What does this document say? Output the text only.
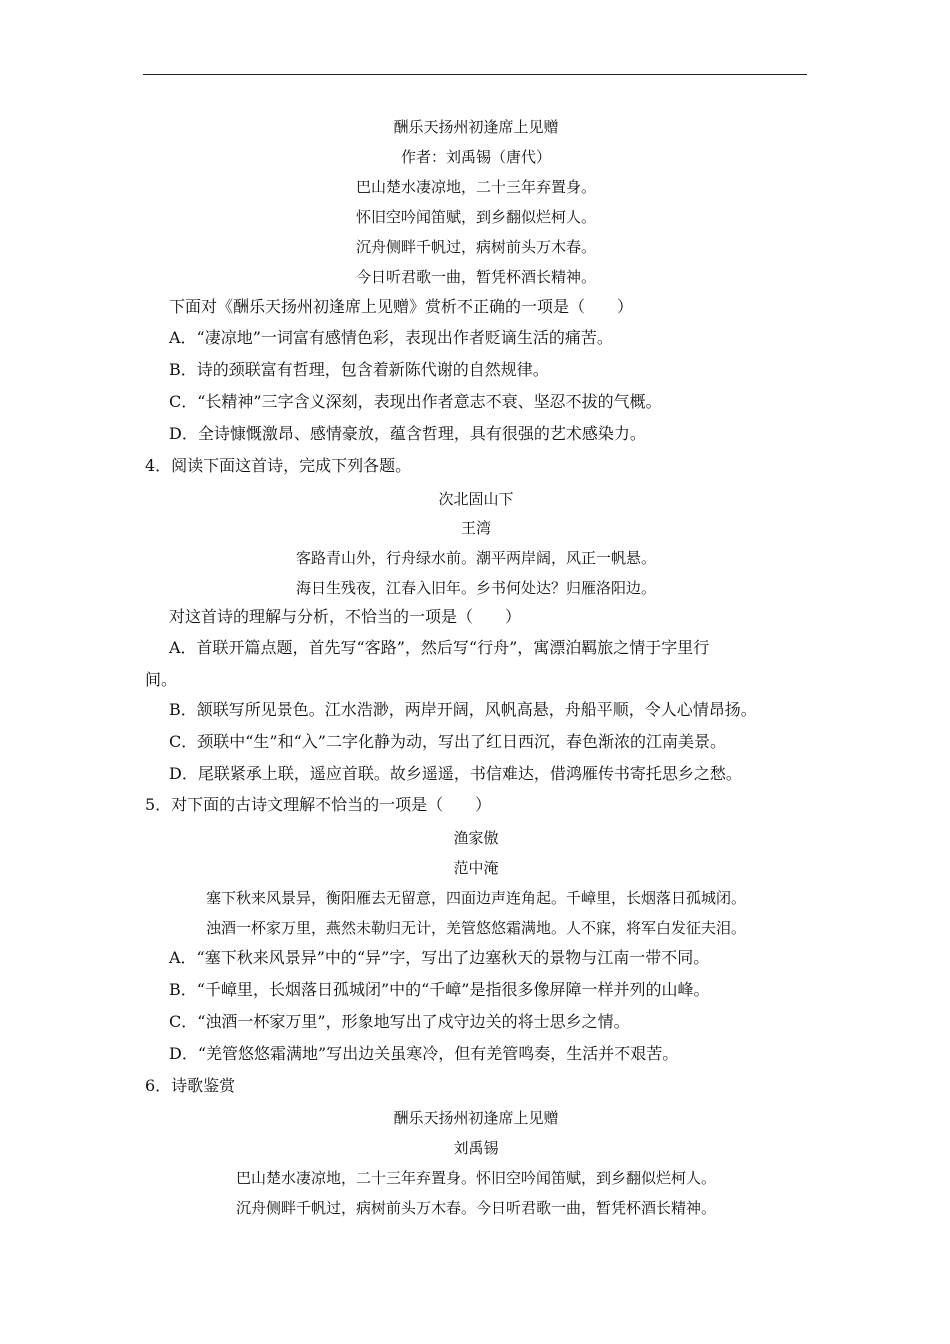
酬乐天扬州初逢席上见赠
作者：刘禹锡（唐代）
巴山楚水凄凉地，二十三年弃置身。
怀旧空吟闻笛赋，到乡翻似烂柯人。
沉舟侧畔千帆过，病树前头万木春。
今日听君歌一曲，暂凭杯酒长精神。
下面对《酬乐天扬州初逢席上见赠》赏析不正确的一项是（　　）
A．“凄凉地”一词富有感情色彩，表现出作者贬谪生活的痛苦。
B．诗的颈联富有哲理，包含着新陈代谢的自然规律。
C．“长精神”三字含义深刻，表现出作者意志不衰、坚忍不拔的气概。
D．全诗慷慨激昂、感情豪放，蕴含哲理，具有很强的艺术感染力。
4．阅读下面这首诗，完成下列各题。
次北固山下
王湾
客路青山外，行舟绿水前。潮平两岸阔，风正一帆悬。
海日生残夜，江春入旧年。乡书何处达？归雁洛阳边。
对这首诗的理解与分析，不恰当的一项是（　　）
A．首联开篇点题，首先写“客路”，然后写“行舟”，寓漂泊羁旅之情于字里行
间。
B．颔联写所见景色。江水浩渺，两岸开阔，风帆高悬，舟船平顺，令人心情昂扬。
C．颈联中“生”和“入”二字化静为动，写出了红日西沉，春色渐浓的江南美景。
D．尾联紧承上联，遥应首联。故乡遥遥，书信难达，借鸿雁传书寄托思乡之愁。
5．对下面的古诗文理解不恰当的一项是（　　）
渔家傲
范中淹
塞下秋来风景异，衡阳雁去无留意，四面边声连角起。千嶂里，长烟落日孤城闭。
浊酒一杯家万里，燕然未勒归无计，羌管悠悠霜满地。人不寐，将军白发征夫泪。
A．“塞下秋来风景异”中的“异”字，写出了边塞秋天的景物与江南一带不同。
B．“千嶂里，长烟落日孤城闭”中的“千嶂”是指很多像屏障一样并列的山峰。
C．“浊酒一杯家万里”，形象地写出了戍守边关的将士思乡之情。
D．“羌管悠悠霜满地”写出边关虽寒冷，但有羌管鸣奏，生活并不艰苦。
6．诗歌鉴赏
酬乐天扬州初逢席上见赠
刘禹锡
巴山楚水凄凉地，二十三年弃置身。怀旧空吟闻笛赋，到乡翻似烂柯人。
沉舟侧畔千帆过，病树前头万木春。今日听君歌一曲，暂凭杯酒长精神。
